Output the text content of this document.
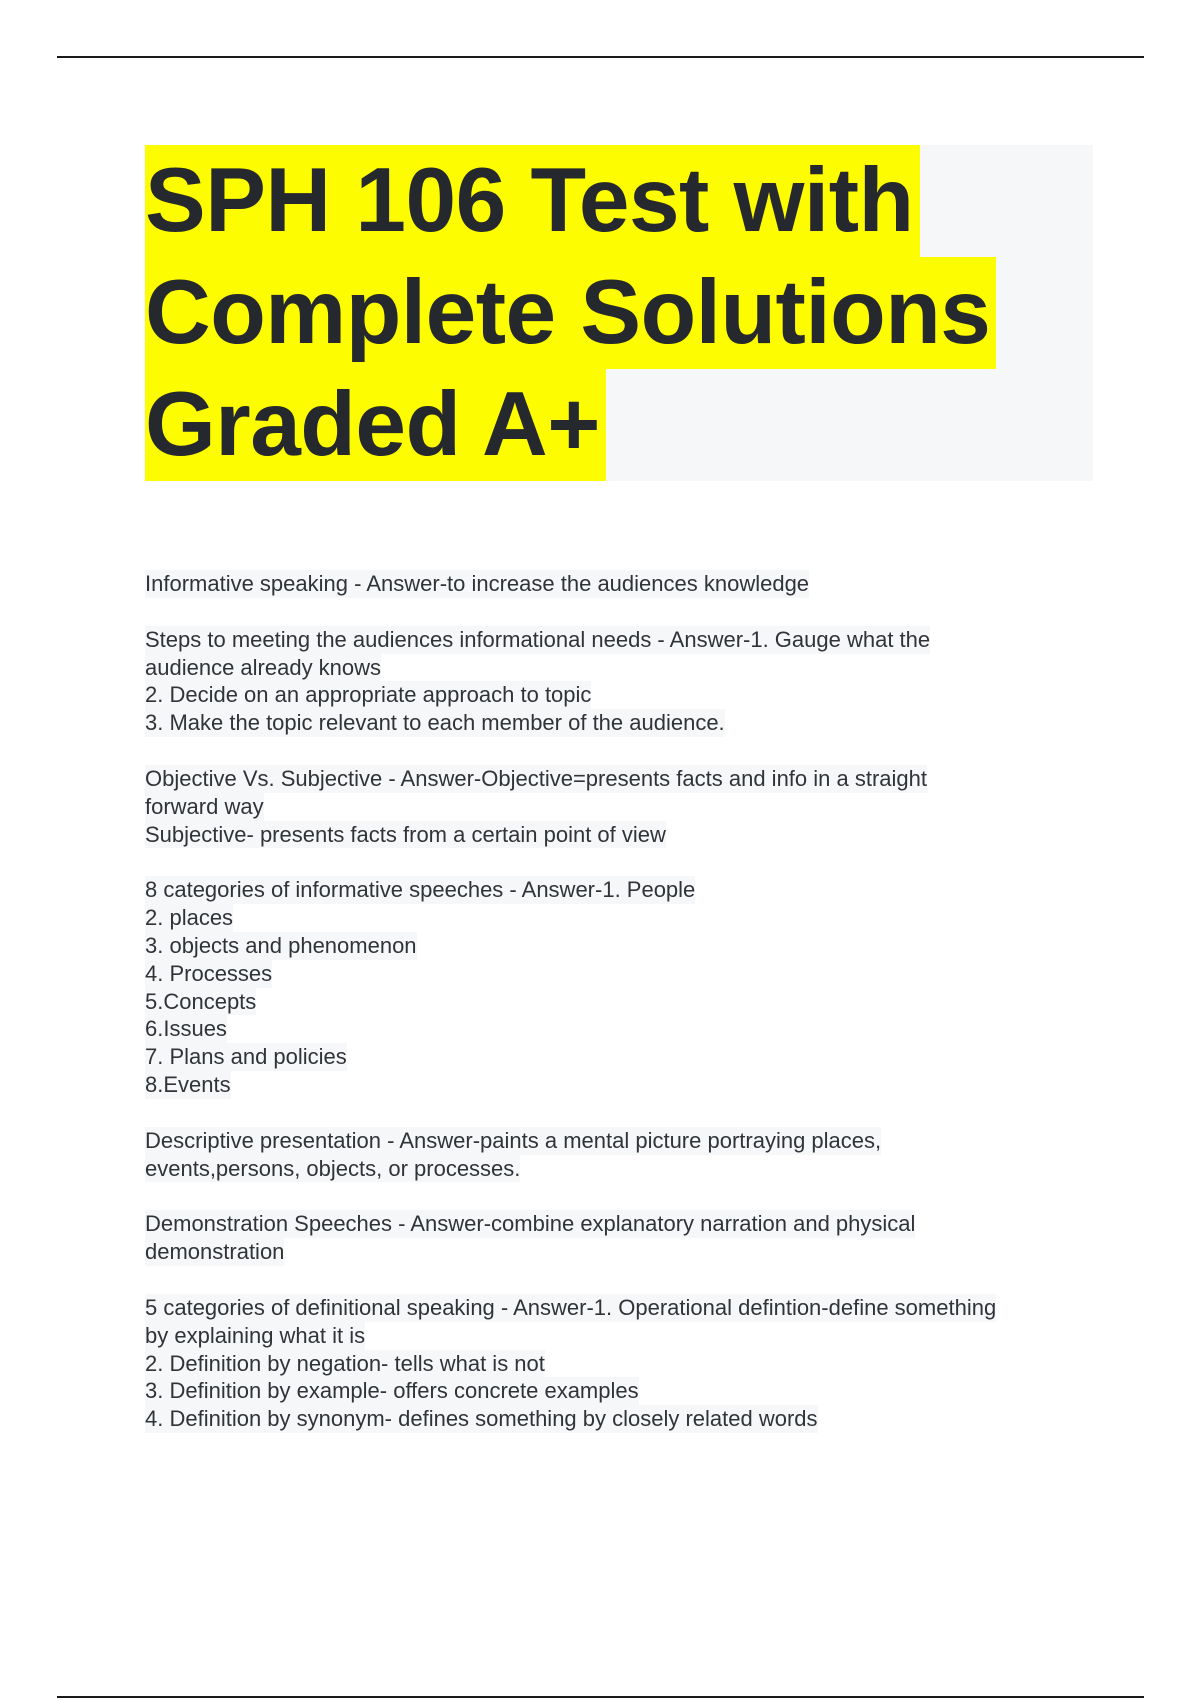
SPH 106 Test with
Complete Solutions
Graded A+
Informative speaking - Answer-to increase the audiences knowledge
Steps to meeting the audiences informational needs - Answer-1. Gauge what the
audience already knows
2. Decide on an appropriate approach to topic
3. Make the topic relevant to each member of the audience.
Objective Vs. Subjective - Answer-Objective=presents facts and info in a straight
forward way
Subjective- presents facts from a certain point of view
8 categories of informative speeches - Answer-1. People
2. places
3. objects and phenomenon
4. Processes
5.Concepts
6.Issues
7. Plans and policies
8.Events
Descriptive presentation - Answer-paints a mental picture portraying places,
events,persons, objects, or processes.
Demonstration Speeches - Answer-combine explanatory narration and physical
demonstration
5 categories of definitional speaking - Answer-1. Operational defintion-define something
by explaining what it is
2. Definition by negation- tells what is not
3. Definition by example- offers concrete examples
4. Definition by synonym- defines something by closely related words
